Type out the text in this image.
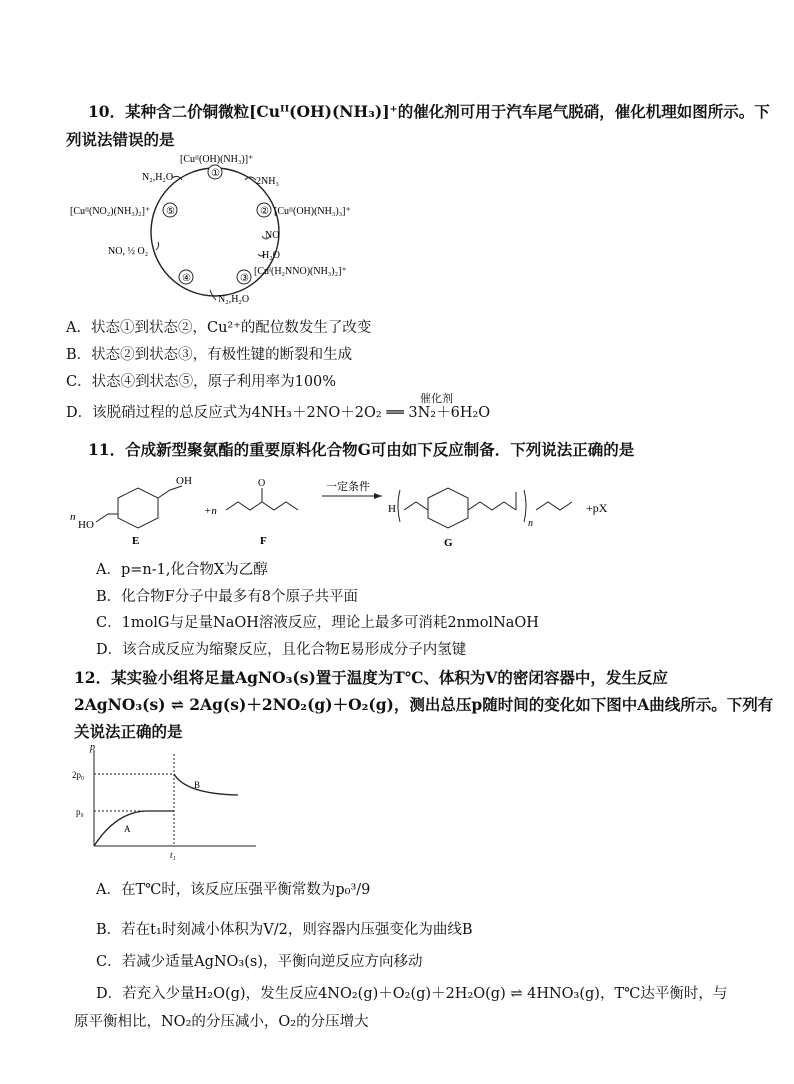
10．某种含二价铜微粒[Cuᴵᴵ(OH)(NH₃)]⁺的催化剂可用于汽车尾气脱硝，催化机理如图所示。下
列说法错误的是
①
②
③
④
⑤
[Cuᴵᴵ(OH)(NH₃)]⁺
[Cuᴵᴵ(OH)(NH₃)₃]⁺
[Cuᴵ(H₂NNO)(NH₃)₂]⁺
[Cuᴵᴵ(NO₂)(NH₃)₂]⁺
2NH₃
NO
H₂O
N₂,H₂O
NO, ½ O₂
N₂,H₂O
A．状态①到状态②，Cu²⁺的配位数发生了改变
B．状态②到状态③，有极性键的断裂和生成
C．状态④到状态⑤，原子利用率为100%
催化剂
D．该脱硝过程的总反应式为4NH₃＋2NO＋2O₂ ══ 3N₂＋6H₂O
11．合成新型聚氨酯的重要原料化合物G可由如下反应制备．下列说法正确的是
n
HO
OH
E
+n
O
F
一定条件
H
n
G
+pX
A．p=n-1,化合物X为乙醇
B．化合物F分子中最多有8个原子共平面
C．1molG与足量NaOH溶液反应，理论上最多可消耗2nmolNaOH
D．该合成反应为缩聚反应，且化合物E易形成分子内氢键
12．某实验小组将足量AgNO₃(s)置于温度为T℃、体积为V的密闭容器中，发生反应
2AgNO₃(s) ⇌ 2Ag(s)＋2NO₂(g)＋O₂(g)，测出总压p随时间的变化如下图中A曲线所示。下列有
关说法正确的是
p
2p₀
p₀
A
B
t₁
A．在T℃时，该反应压强平衡常数为p₀³/9
B．若在t₁时刻减小体积为V/2，则容器内压强变化为曲线B
C．若减少适量AgNO₃(s)，平衡向逆反应方向移动
D．若充入少量H₂O(g)，发生反应4NO₂(g)＋O₂(g)＋2H₂O(g) ⇌ 4HNO₃(g)，T℃达平衡时，与
原平衡相比，NO₂的分压减小，O₂的分压增大
